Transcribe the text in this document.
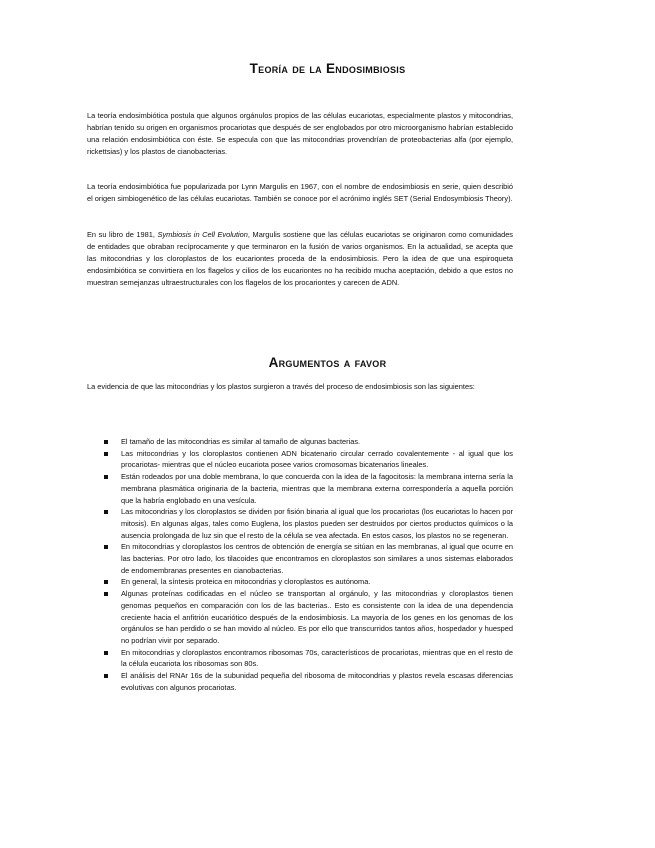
Teoría de la Endosimbiosis

La teoría endosimbiótica postula que algunos orgánulos propios de las células eucariotas, especialmente plastos y mitocondrias, habrían tenido su origen en organismos procariotas que después de ser englobados por otro microorganismo habrían establecido una relación endosimbiótica con éste. Se especula con que las mitocondrias provendrían de proteobacterias alfa (por ejemplo, rickettsias) y los plastos de cianobacterias.

La teoría endosimbiótica fue popularizada por Lynn Margulis en 1967, con el nombre de endosimbiosis en serie, quien describió el origen simbiogenético de las células eucariotas. También se conoce por el acrónimo inglés SET (Serial Endosymbiosis Theory).

En su libro de 1981, Symbiosis in Cell Evolution, Margulis sostiene que las células eucariotas se originaron como comunidades de entidades que obraban recíprocamente y que terminaron en la fusión de varios organismos. En la actualidad, se acepta que las mitocondrias y los cloroplastos de los eucariontes proceda de la endosimbiosis. Pero la idea de que una espiroqueta endosimbiótica se convirtiera en los flagelos y cilios de los eucariontes no ha recibido mucha aceptación, debido a que estos no muestran semejanzas ultraestructurales con los flagelos de los procariontes y carecen de ADN.

Argumentos a favor

La evidencia de que las mitocondrias y los plastos surgieron a través del proceso de endosimbiosis son las siguientes:

El tamaño de las mitocondrias es similar al tamaño de algunas bacterias.
Las mitocondrias y los cloroplastos contienen ADN bicatenario circular cerrado covalentemente - al igual que los procariotas- mientras que el núcleo eucariota posee varios cromosomas bicatenarios lineales.
Están rodeados por una doble membrana, lo que concuerda con la idea de la fagocitosis: la membrana interna sería la membrana plasmática originaria de la bacteria, mientras que la membrana externa correspondería a aquella porción que la habría englobado en una vesícula.
Las mitocondrias y los cloroplastos se dividen por fisión binaria al igual que los procariotas (los eucariotas lo hacen por mitosis). En algunas algas, tales como Euglena, los plastos pueden ser destruidos por ciertos productos químicos o la ausencia prolongada de luz sin que el resto de la célula se vea afectada. En estos casos, los plastos no se regeneran.
En mitocondrias y cloroplastos los centros de obtención de energía se sitúan en las membranas, al igual que ocurre en las bacterias. Por otro lado, los tilacoides que encontramos en cloroplastos son similares a unos sistemas elaborados de endomembranas presentes en cianobacterias.
En general, la síntesis proteica en mitocondrias y cloroplastos es autónoma.
Algunas proteínas codificadas en el núcleo se transportan al orgánulo, y las mitocondrias y cloroplastos tienen genomas pequeños en comparación con los de las bacterias.. Esto es consistente con la idea de una dependencia creciente hacia el anfitrión eucariótico después de la endosimbiosis. La mayoría de los genes en los genomas de los orgánulos se han perdido o se han movido al núcleo. Es por ello que transcurridos tantos años, hospedador y huesped no podrían vivir por separado.
En mitocondrias y cloroplastos encontramos ribosomas 70s, característicos de procariotas, mientras que en el resto de la célula eucariota los ribosomas son 80s.
El análisis del RNAr 16s de la subunidad pequeña del ribosoma de mitocondrias y plastos revela escasas diferencias evolutivas con algunos procariotas.
